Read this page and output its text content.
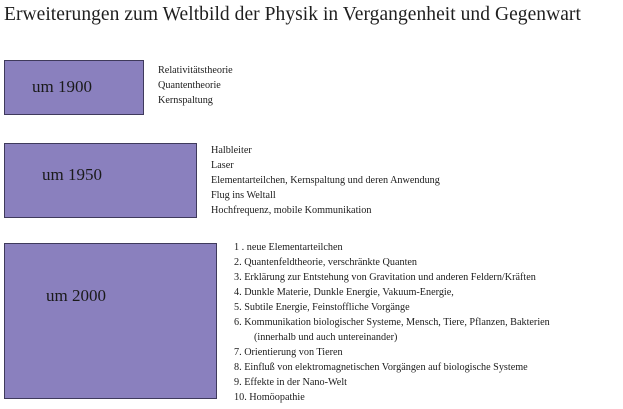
Erweiterungen zum Weltbild der Physik in Vergangenheit und Gegenwart
um 1900
Relativitätstheorie
Quantentheorie
Kernspaltung
um 1950
Halbleiter
Laser
Elementarteilchen, Kernspaltung und deren Anwendung
Flug ins Weltall
Hochfrequenz, mobile Kommunikation
um 2000
1 . neue Elementarteilchen
2. Quantenfeldtheorie, verschränkte Quanten
3. Erklärung zur Entstehung von Gravitation und anderen Feldern/Kräften
4. Dunkle Materie, Dunkle Energie, Vakuum-Energie,
5. Subtile Energie, Feinstoffliche Vorgänge
6. Kommunikation biologischer Systeme, Mensch, Tiere, Pflanzen, Bakterien
(innerhalb und auch untereinander)
7. Orientierung von Tieren
8. Einfluß von elektromagnetischen Vorgängen auf biologische Systeme
9. Effekte in der Nano-Welt
10. Homöopathie
